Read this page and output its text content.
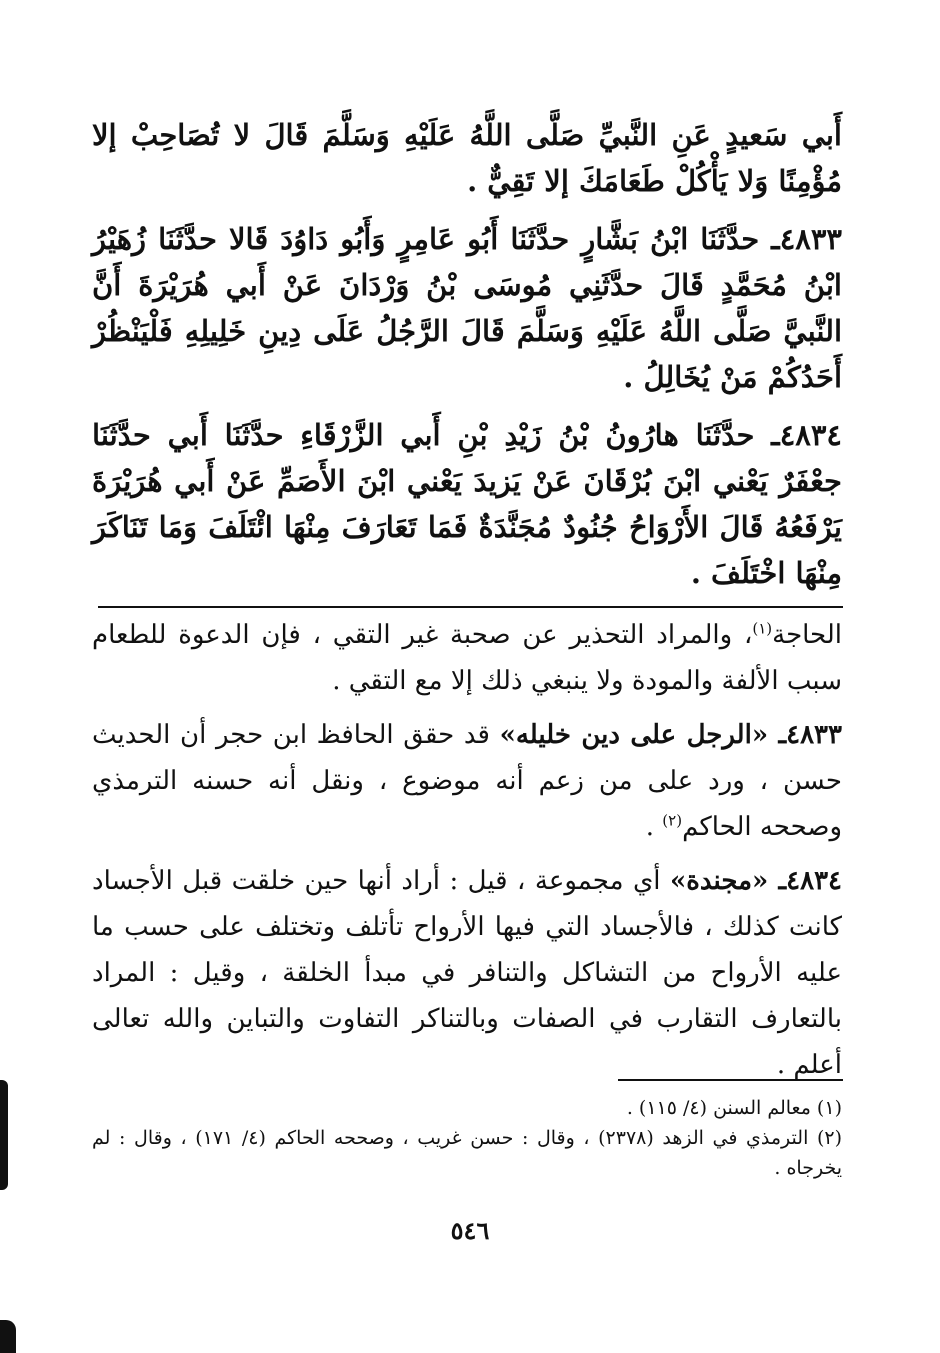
أَبي سَعيدٍ عَنِ النَّبيِّ صَلَّى اللَّهُ عَلَيْهِ وَسَلَّمَ قَالَ لا تُصَاحِبْ إلا مُؤْمِنًا وَلا يَأْكُلْ طَعَامَكَ إلا تَقِيٌّ .

٤٨٣٣ـ حدَّثَنَا ابْنُ بَشَّارٍ حدَّثَنَا أَبُو عَامِرٍ وَأَبُو دَاوُدَ قَالا حدَّثَنَا زُهَيْرُ ابْنُ مُحَمَّدٍ قَالَ حدَّثَنِي مُوسَى بْنُ وَرْدَانَ عَنْ أَبي هُرَيْرَةَ أَنَّ النَّبيَّ صَلَّى اللَّهُ عَلَيْهِ وَسَلَّمَ قَالَ الرَّجُلُ عَلَى دِينِ خَلِيلِهِ فَلْيَنْظُرْ أَحَدُكُمْ مَنْ يُخَالِلُ .

٤٨٣٤ـ حدَّثَنَا هارُونُ بْنُ زَيْدِ بْنِ أَبي الزَّرْقَاءِ حدَّثَنَا أَبي حدَّثَنَا جعْفَرٌ يَعْني ابْنَ بُرْقَانَ عَنْ يَزيدَ يَعْني ابْنَ الأَصَمِّ عَنْ أَبي هُرَيْرَةَ يَرْفَعُهُ قَالَ الأَرْوَاحُ جُنُودٌ مُجَنَّدَةٌ فَمَا تَعَارَفَ مِنْهَا ائْتَلَفَ وَمَا تَنَاكَرَ مِنْهَا اخْتَلَفَ .

الحاجة$^{(١)}$، والمراد التحذير عن صحبة غير التقي ، فإن الدعوة للطعام سبب الألفة والمودة ولا ينبغي ذلك إلا مع التقي .

٤٨٣٣ـ «الرجل على دين خليله» قد حقق الحافظ ابن حجر أن الحديث حسن ، ورد على من زعم أنه موضوع ، ونقل أنه حسنه الترمذي وصححه الحاكم$^{(٢)}$ .

٤٨٣٤ـ «مجندة» أي مجموعة ، قيل : أراد أنها حين خلقت قبل الأجساد كانت كذلك ، فالأجساد التي فيها الأرواح تأتلف وتختلف على حسب ما عليه الأرواح من التشاكل والتنافر في مبدأ الخلقة ، وقيل : المراد بالتعارف التقارب في الصفات وبالتناكر التفاوت والتباين والله تعالى أعلم .

(١) معالم السنن (٤/ ١١٥) .

(٢) الترمذي في الزهد (٢٣٧٨) ، وقال : حسن غريب ، وصححه الحاكم (٤/ ١٧١) ، وقال : لم يخرجاه .

٥٤٦
